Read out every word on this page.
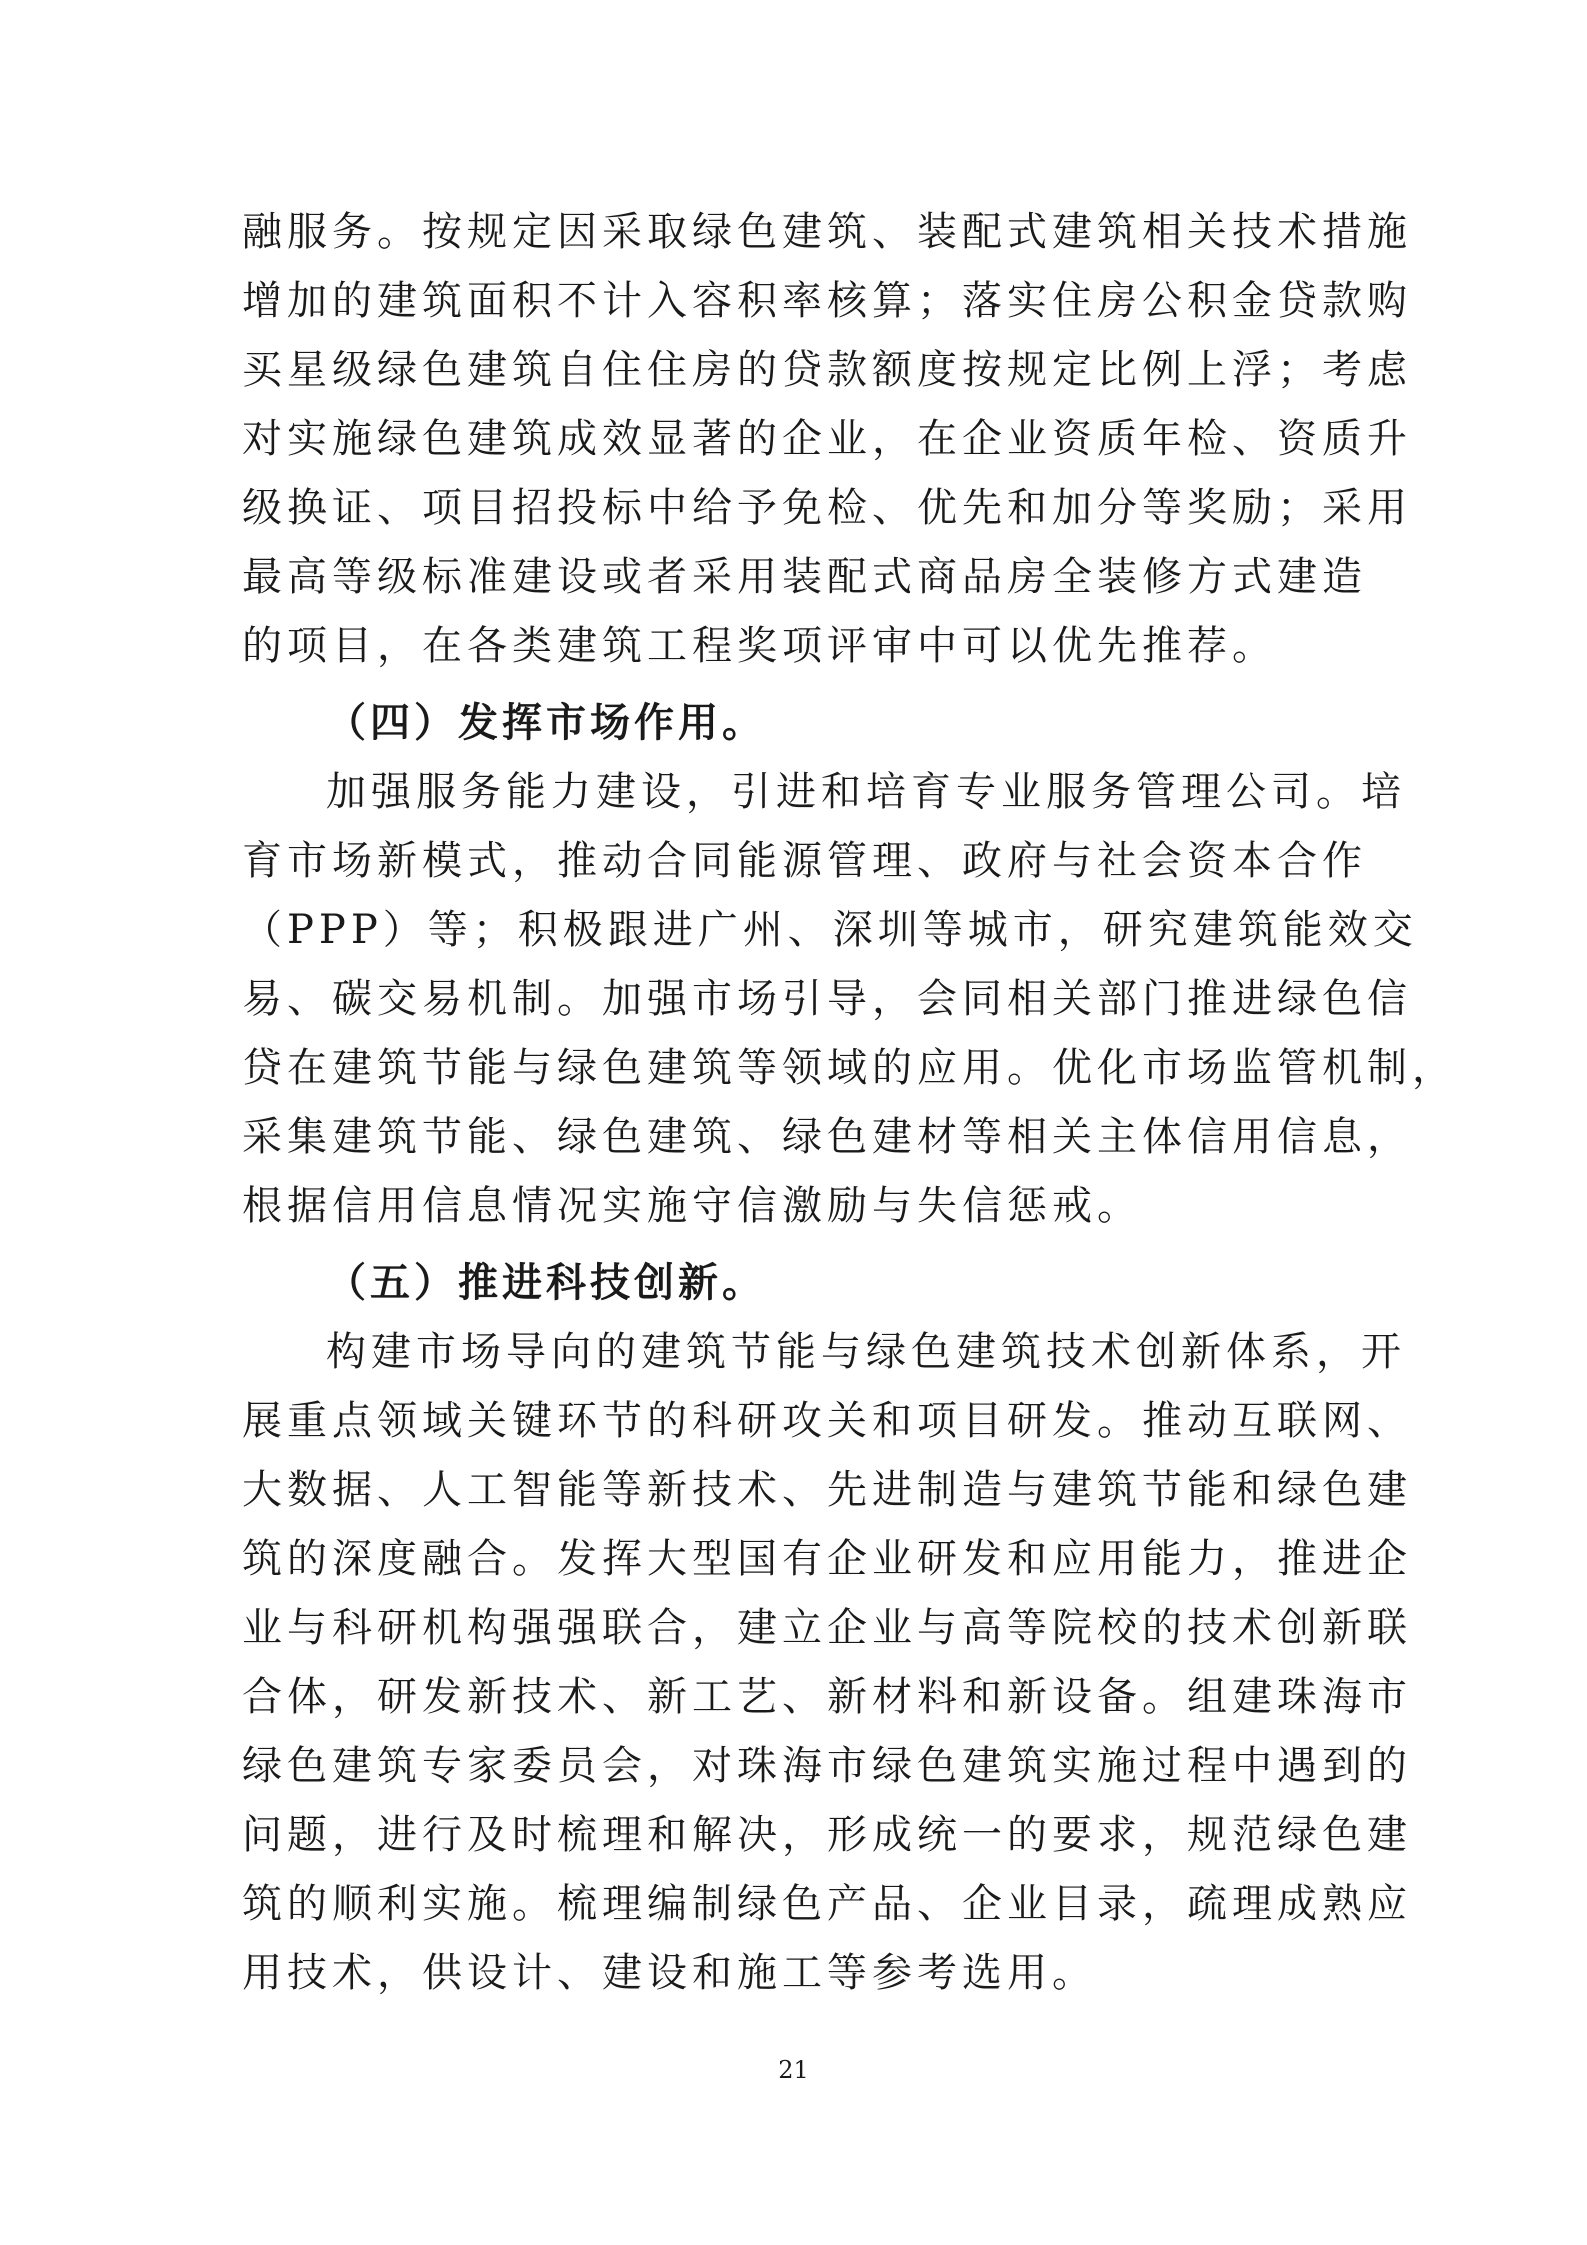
融服务。按规定因采取绿色建筑、装配式建筑相关技术措施
增加的建筑面积不计入容积率核算；落实住房公积金贷款购
买星级绿色建筑自住住房的贷款额度按规定比例上浮；考虑
对实施绿色建筑成效显著的企业，在企业资质年检、资质升
级换证、项目招投标中给予免检、优先和加分等奖励；采用
最高等级标准建设或者采用装配式商品房全装修方式建造
的项目，在各类建筑工程奖项评审中可以优先推荐。
（四）发挥市场作用。
加强服务能力建设，引进和培育专业服务管理公司。培
育市场新模式，推动合同能源管理、政府与社会资本合作
（PPP）等；积极跟进广州、深圳等城市，研究建筑能效交
易、碳交易机制。加强市场引导，会同相关部门推进绿色信
贷在建筑节能与绿色建筑等领域的应用。优化市场监管机制，
采集建筑节能、绿色建筑、绿色建材等相关主体信用信息，
根据信用信息情况实施守信激励与失信惩戒。
（五）推进科技创新。
构建市场导向的建筑节能与绿色建筑技术创新体系，开
展重点领域关键环节的科研攻关和项目研发。推动互联网、
大数据、人工智能等新技术、先进制造与建筑节能和绿色建
筑的深度融合。发挥大型国有企业研发和应用能力，推进企
业与科研机构强强联合，建立企业与高等院校的技术创新联
合体，研发新技术、新工艺、新材料和新设备。组建珠海市
绿色建筑专家委员会，对珠海市绿色建筑实施过程中遇到的
问题，进行及时梳理和解决，形成统一的要求，规范绿色建
筑的顺利实施。梳理编制绿色产品、企业目录，疏理成熟应
用技术，供设计、建设和施工等参考选用。
21
